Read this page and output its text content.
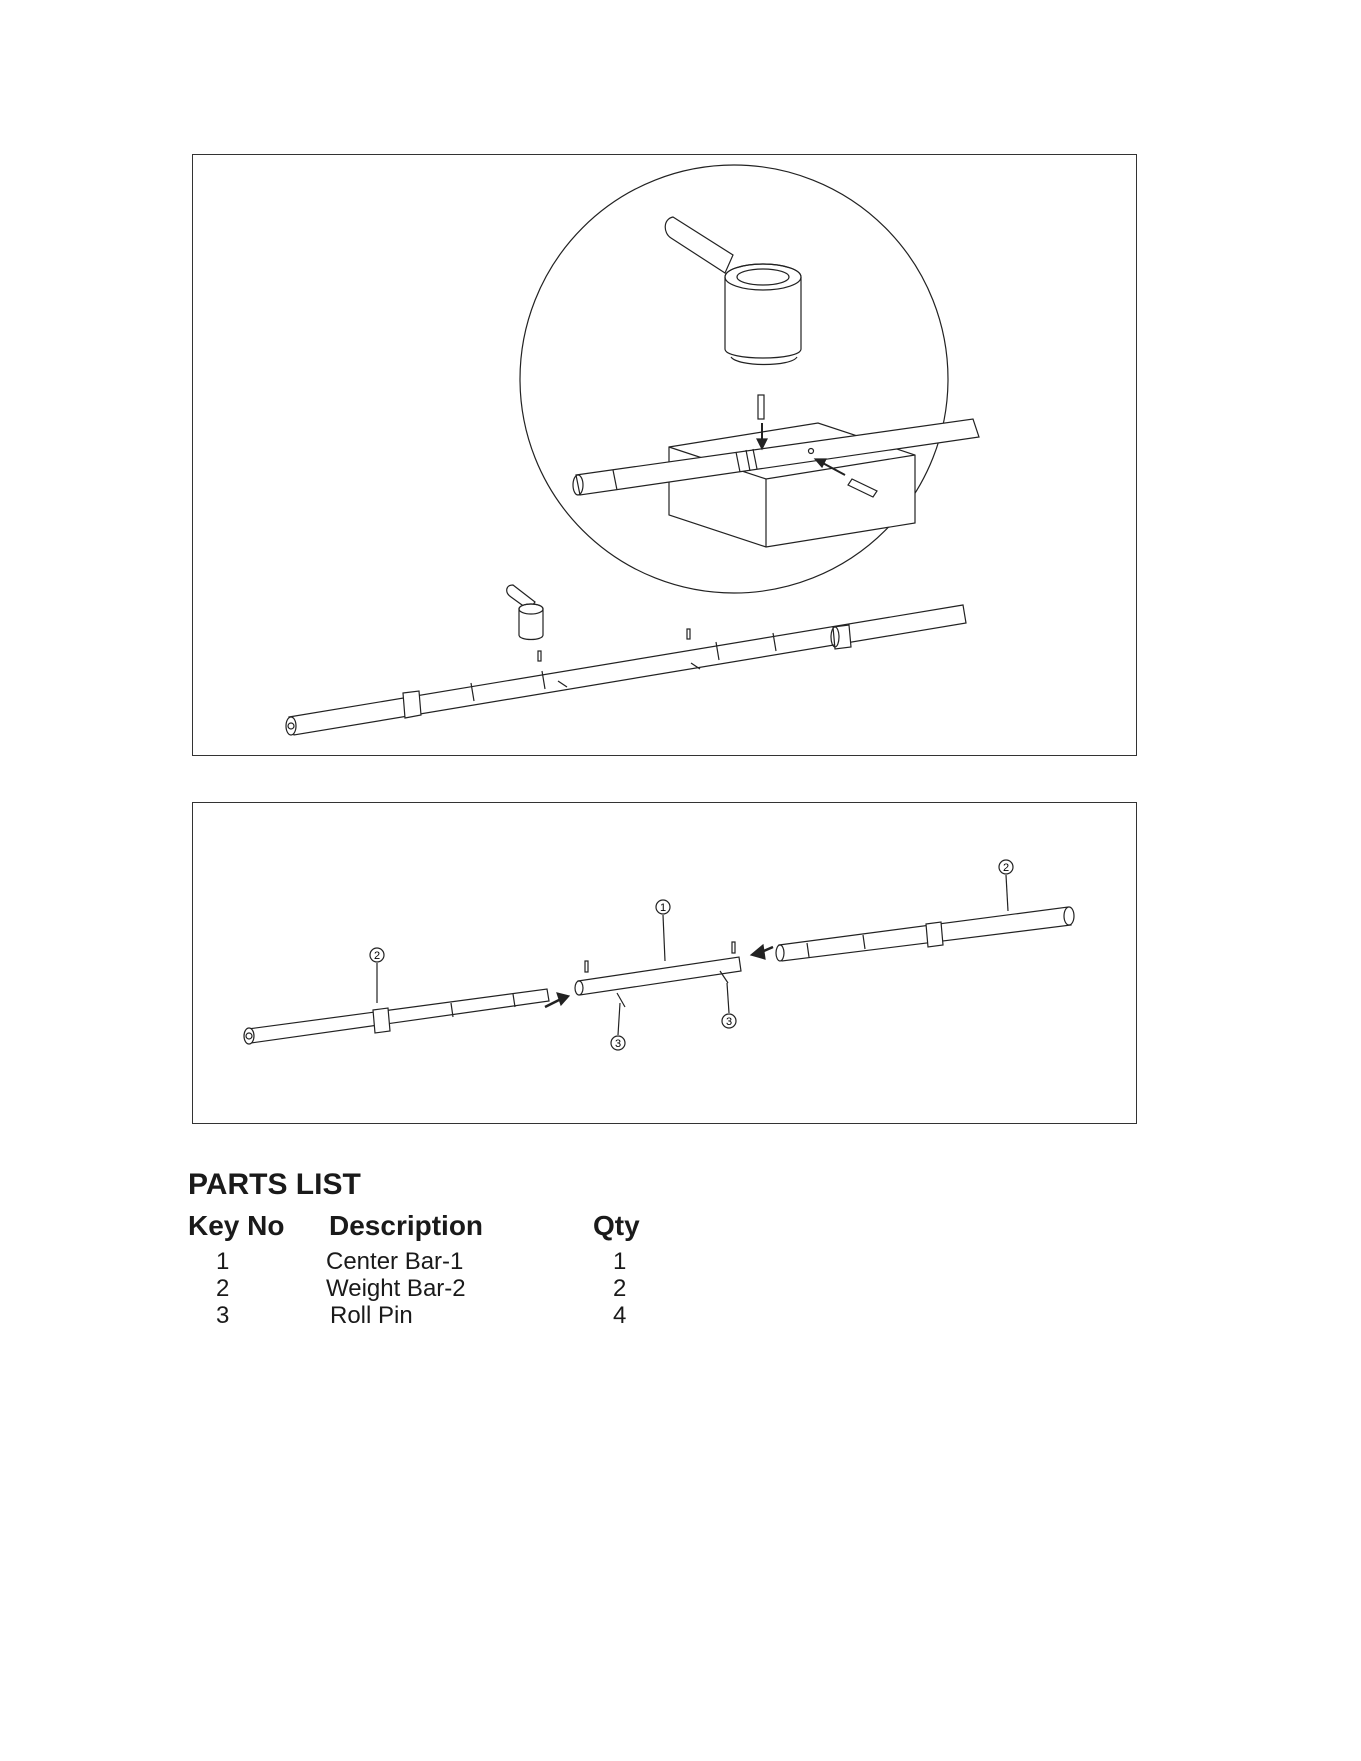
2
1
2
3
3
PARTS LIST
Key No Description	Qty
1	Center Bar-1	1
2	Weight Bar-2	2
3	Roll Pin	4
